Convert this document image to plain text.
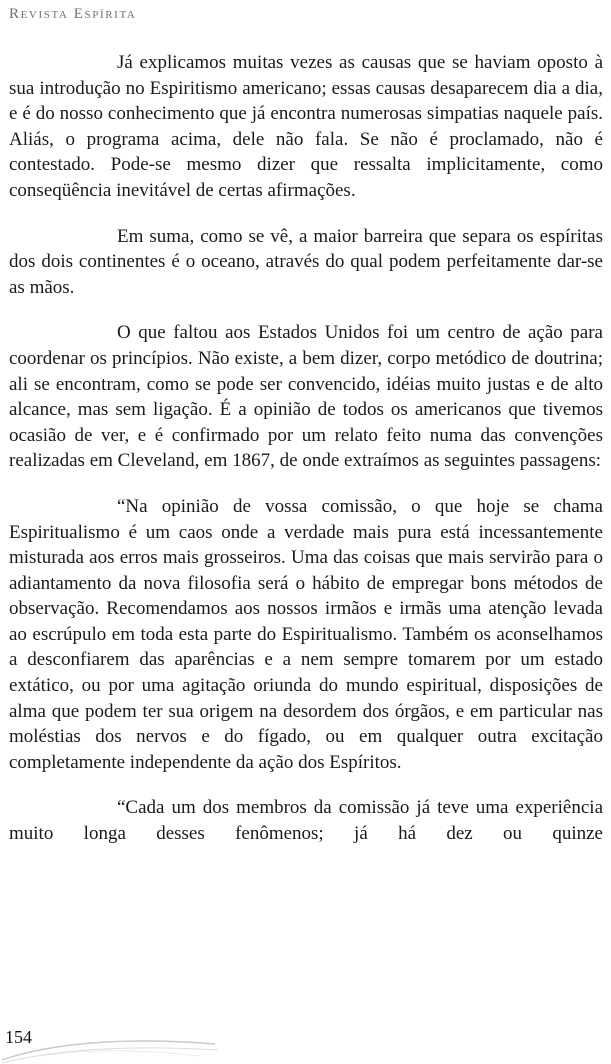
Revista Espírita

Já explicamos muitas vezes as causas que se haviam oposto à sua introdução no Espiritismo americano; essas causas desaparecem dia a dia, e é do nosso conhecimento que já encontra numerosas simpatias naquele país. Aliás, o programa acima, dele não fala. Se não é proclamado, não é contestado. Pode-se mesmo dizer que ressalta implicitamente, como conseqüência inevitável de certas afirmações.

Em suma, como se vê, a maior barreira que separa os espíritas dos dois continentes é o oceano, através do qual podem perfeitamente dar-se as mãos.

O que faltou aos Estados Unidos foi um centro de ação para coordenar os princípios. Não existe, a bem dizer, corpo metódico de doutrina; ali se encontram, como se pode ser convencido, idéias muito justas e de alto alcance, mas sem ligação. É a opinião de todos os americanos que tivemos ocasião de ver, e é confirmado por um relato feito numa das convenções realizadas em Cleveland, em 1867, de onde extraímos as seguintes passagens:

“Na opinião de vossa comissão, o que hoje se chama Espiritualismo é um caos onde a verdade mais pura está incessantemente misturada aos erros mais grosseiros. Uma das coisas que mais servirão para o adiantamento da nova filosofia será o hábito de empregar bons métodos de observação. Recomendamos aos nossos irmãos e irmãs uma atenção levada ao escrúpulo em toda esta parte do Espiritualismo. Também os aconselhamos a desconfiarem das aparências e a nem sempre tomarem por um estado extático, ou por uma agitação oriunda do mundo espiritual, disposições de alma que podem ter sua origem na desordem dos órgãos, e em particular nas moléstias dos nervos e do fígado, ou em qualquer outra excitação completamente independente da ação dos Espíritos.

“Cada um dos membros da comissão já teve uma experiência muito longa desses fenômenos; já há dez ou quinze

154
